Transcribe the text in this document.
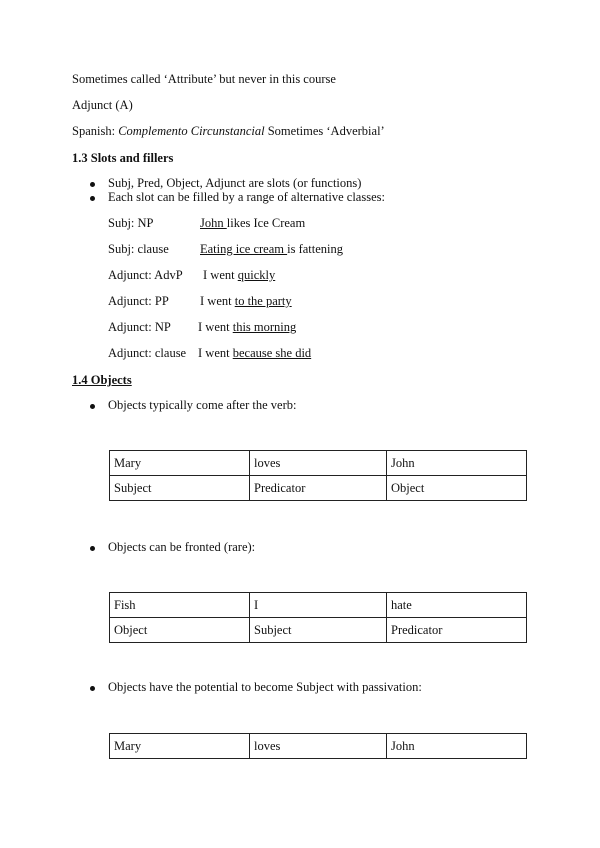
Sometimes called ‘Attribute’ but never in this course
Adjunct (A)
Spanish: Complemento Circunstancial Sometimes ‘Adverbial’
1.3 Slots and fillers
Subj, Pred, Object, Adjunct are slots (or functions)
Each slot can be filled by a range of alternative classes:
Subj: NP	John likes Ice Cream
Subj: clause Eating ice cream is fattening
Adjunct: AdvP I went quickly
Adjunct: PP I went to the party
Adjunct: NP I went this morning
Adjunct: clause I went because she did
1.4 Objects
Objects typically come after the verb:
Mary	loves	John
Subject	Predicator	Object
Objects can be fronted (rare):
Fish	I	hate
Object	Subject	Predicator
Objects have the potential to become Subject with passivation:
Mary	loves	John
